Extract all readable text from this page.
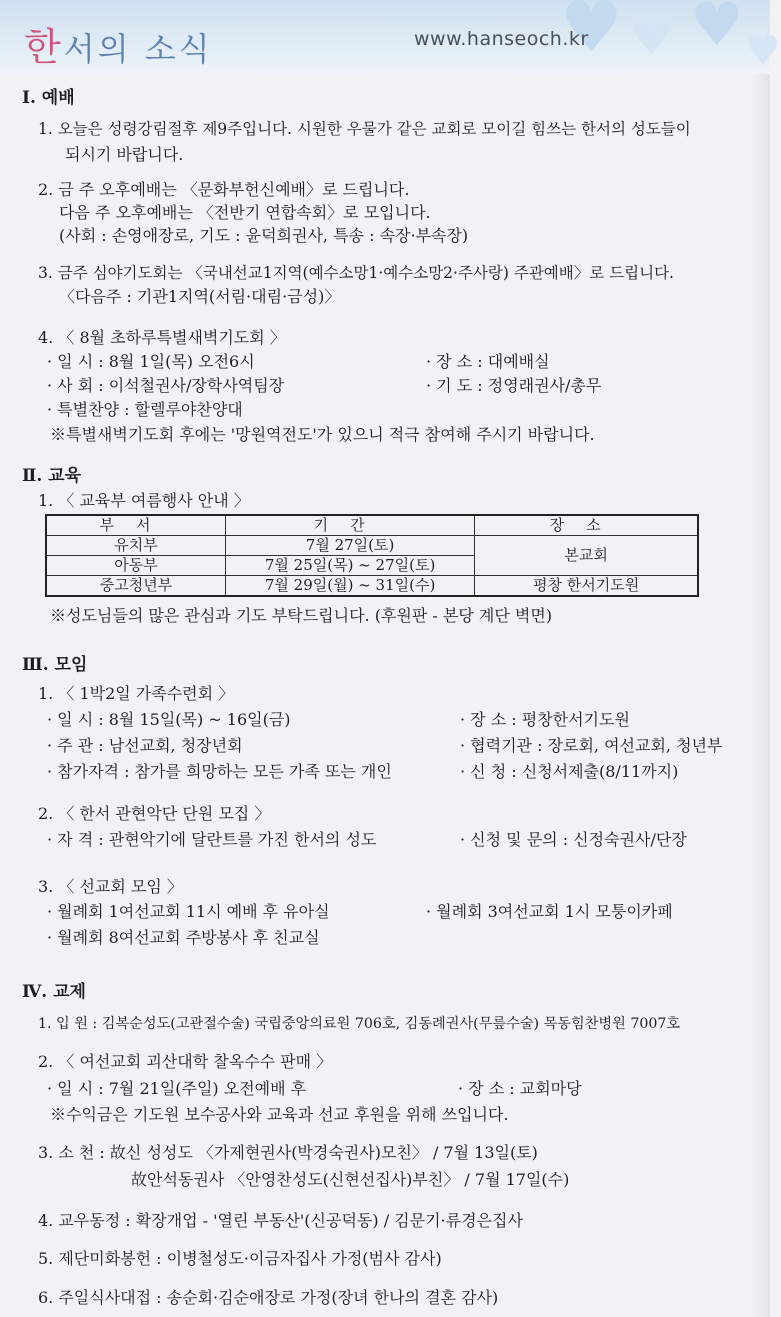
♥ ♥ ♥ ♥
한서의 소식	www.hanseoch.kr
Ⅰ. 예배
1. 오늘은 성령강림절후 제9주입니다. 시원한 우물가 같은 교회로 모이길 힘쓰는 한서의 성도들이
되시기 바랍니다.
2. 금 주 오후예배는 〈문화부헌신예배〉로 드립니다.
다음 주 오후예배는 〈전반기 연합속회〉로 모입니다.
(사회 : 손영애장로, 기도 : 윤덕희권사, 특송 : 속장·부속장)
3. 금주 심야기도회는 〈국내선교1지역(예수소망1·예수소망2·주사랑) 주관예배〉로 드립니다.
〈다음주 : 기관1지역(서림·대림·금성)〉
4. 〈 8월 초하루특별새벽기도회 〉
· 일 시 : 8월 1일(목) 오전6시	· 장 소 : 대예배실
· 사 회 : 이석철권사/장학사역팀장	· 기 도 : 정영래권사/총무
· 특별찬양 : 할렐루야찬양대
※특별새벽기도회 후에는 '망원역전도'가 있으니 적극 참여해 주시기 바랍니다.
Ⅱ. 교육
1. 〈 교육부 여름행사 안내 〉
부서	기간	장소
유치부	7월 27일(토)	본교회
아동부	7월 25일(목) ~ 27일(토)	
중고청년부	7월 29일(월) ~ 31일(수)	평창 한서기도원
※성도님들의 많은 관심과 기도 부탁드립니다. (후원판 - 본당 계단 벽면)
Ⅲ. 모임
1. 〈 1박2일 가족수련회 〉
· 일 시 : 8월 15일(목) ~ 16일(금)	· 장 소 : 평창한서기도원
· 주 관 : 남선교회, 청장년회	· 협력기관 : 장로회, 여선교회, 청년부
· 참가자격 : 참가를 희망하는 모든 가족 또는 개인	· 신 청 : 신청서제출(8/11까지)
2. 〈 한서 관현악단 단원 모집 〉
· 자 격 : 관현악기에 달란트를 가진 한서의 성도	· 신청 및 문의 : 신정숙권사/단장
3. 〈 선교회 모임 〉
· 월례회 1여선교회 11시 예배 후 유아실	· 월례회 3여선교회 1시 모퉁이카페
· 월례회 8여선교회 주방봉사 후 친교실
Ⅳ. 교제
1. 입 원 : 김복순성도(고관절수술) 국립중앙의료원 706호, 김동례권사(무릎수술) 목동힘찬병원 7007호
2. 〈 여선교회 괴산대학 찰옥수수 판매 〉
· 일 시 : 7월 21일(주일) 오전예배 후	· 장 소 : 교회마당
※수익금은 기도원 보수공사와 교육과 선교 후원을 위해 쓰입니다.
3. 소 천 : 故신 성성도 〈가제현권사(박경숙권사)모친〉 / 7월 13일(토)
故안석동권사 〈안영찬성도(신현선집사)부친〉 / 7월 17일(수)
4. 교우동정 : 확장개업 - '열린 부동산'(신공덕동) / 김문기·류경은집사
5. 제단미화봉헌 : 이병철성도·이금자집사 가정(범사 감사)
6. 주일식사대접 : 송순회·김순애장로 가정(장녀 한나의 결혼 감사)
